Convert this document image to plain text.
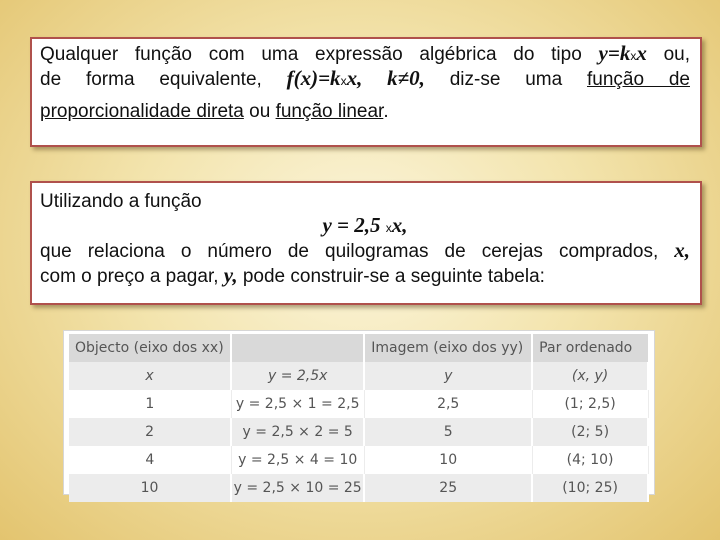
Qualquer função com uma expressão algébrica do tipo y=kxx ou,
de forma equivalente, f(x)=kxx, k≠0, diz-se uma função de
proporcionalidade direta ou função linear.
Utilizando a função
y = 2,5 xx,
que relaciona o número de quilogramas de cerejas comprados, x,
com o preço a pagar, y, pode construir-se a seguinte tabela:
Objecto (eixo dos xx)		Imagem (eixo dos yy)	Par ordenado
x	y = 2,5x	y	(x, y)
1	y = 2,5 × 1 = 2,5	2,5	(1; 2,5)
2	y = 2,5 × 2 = 5	5	(2; 5)
4	y = 2,5 × 4 = 10	10	(4; 10)
10	y = 2,5 × 10 = 25	25	(10; 25)
